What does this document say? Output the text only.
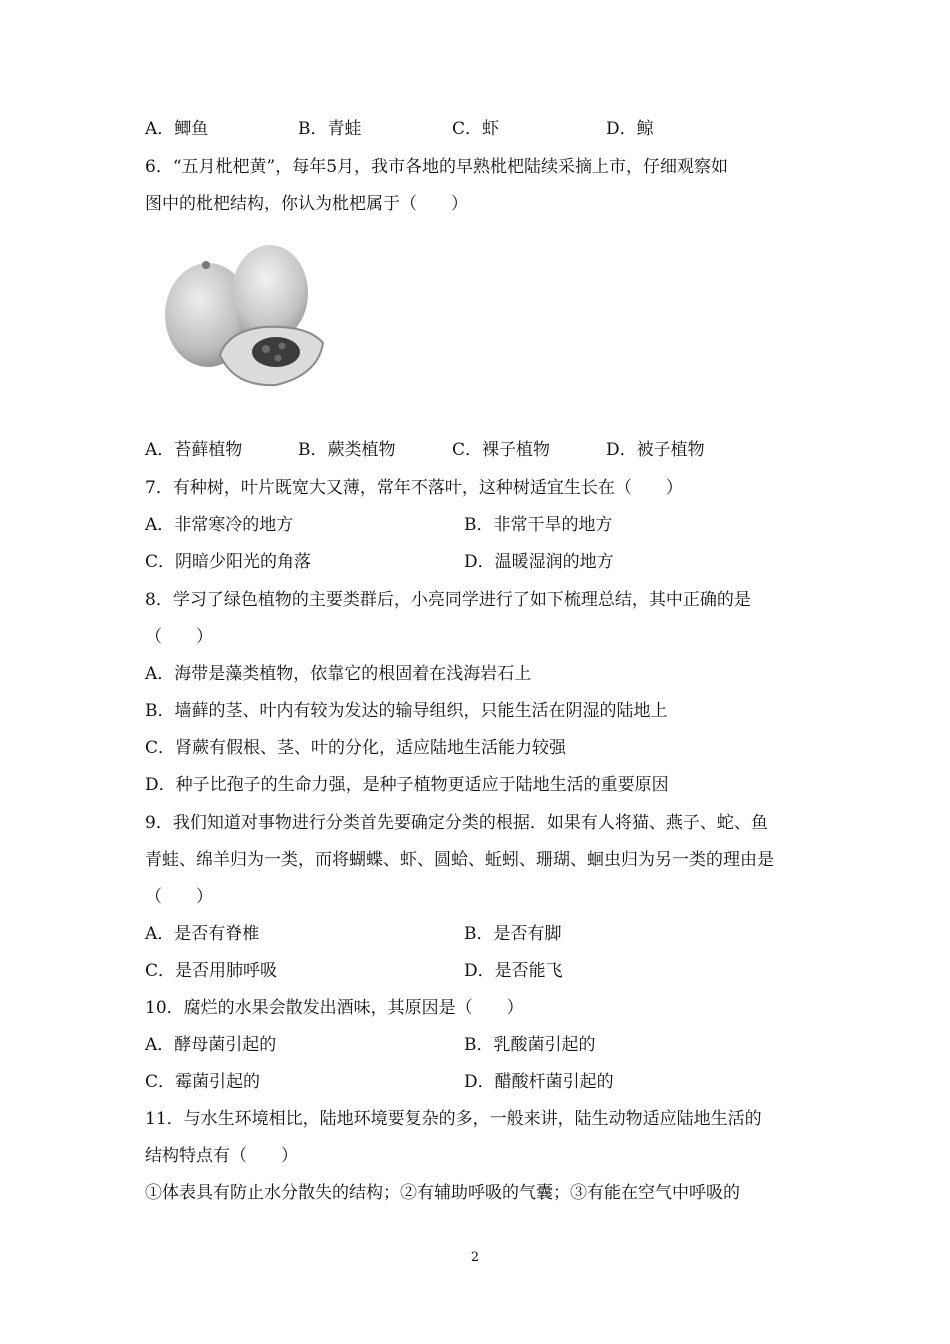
A．鲫鱼	B．青蛙	C．虾	D．鲸
6．“五月枇杷黄”，每年5月，我市各地的早熟枇杷陆续采摘上市，仔细观察如
图中的枇杷结构，你认为枇杷属于（　　）
A．苔藓植物	B．蕨类植物	C．裸子植物	D．被子植物
7．有种树，叶片既宽大又薄，常年不落叶，这种树适宜生长在（　　）
A．非常寒冷的地方	B．非常干旱的地方
C．阴暗少阳光的角落	D．温暖湿润的地方
8．学习了绿色植物的主要类群后，小亮同学进行了如下梳理总结，其中正确的是
（　　）
A．海带是藻类植物，依靠它的根固着在浅海岩石上
B．墙藓的茎、叶内有较为发达的输导组织，只能生活在阴湿的陆地上
C．肾蕨有假根、茎、叶的分化，适应陆地生活能力较强
D．种子比孢子的生命力强，是种子植物更适应于陆地生活的重要原因
9．我们知道对事物进行分类首先要确定分类的根据．如果有人将猫、燕子、蛇、鱼
青蛙、绵羊归为一类，而将蝴蝶、虾、圆蛤、蚯蚓、珊瑚、蛔虫归为另一类的理由是
（　　）
A．是否有脊椎	B．是否有脚
C．是否用肺呼吸	D．是否能飞
10．腐烂的水果会散发出酒味，其原因是（　　）
A．酵母菌引起的	B．乳酸菌引起的
C．霉菌引起的	D．醋酸杆菌引起的
11．与水生环境相比，陆地环境要复杂的多，一般来讲，陆生动物适应陆地生活的
结构特点有（　　）
①体表具有防止水分散失的结构；②有辅助呼吸的气囊；③有能在空气中呼吸的
2
